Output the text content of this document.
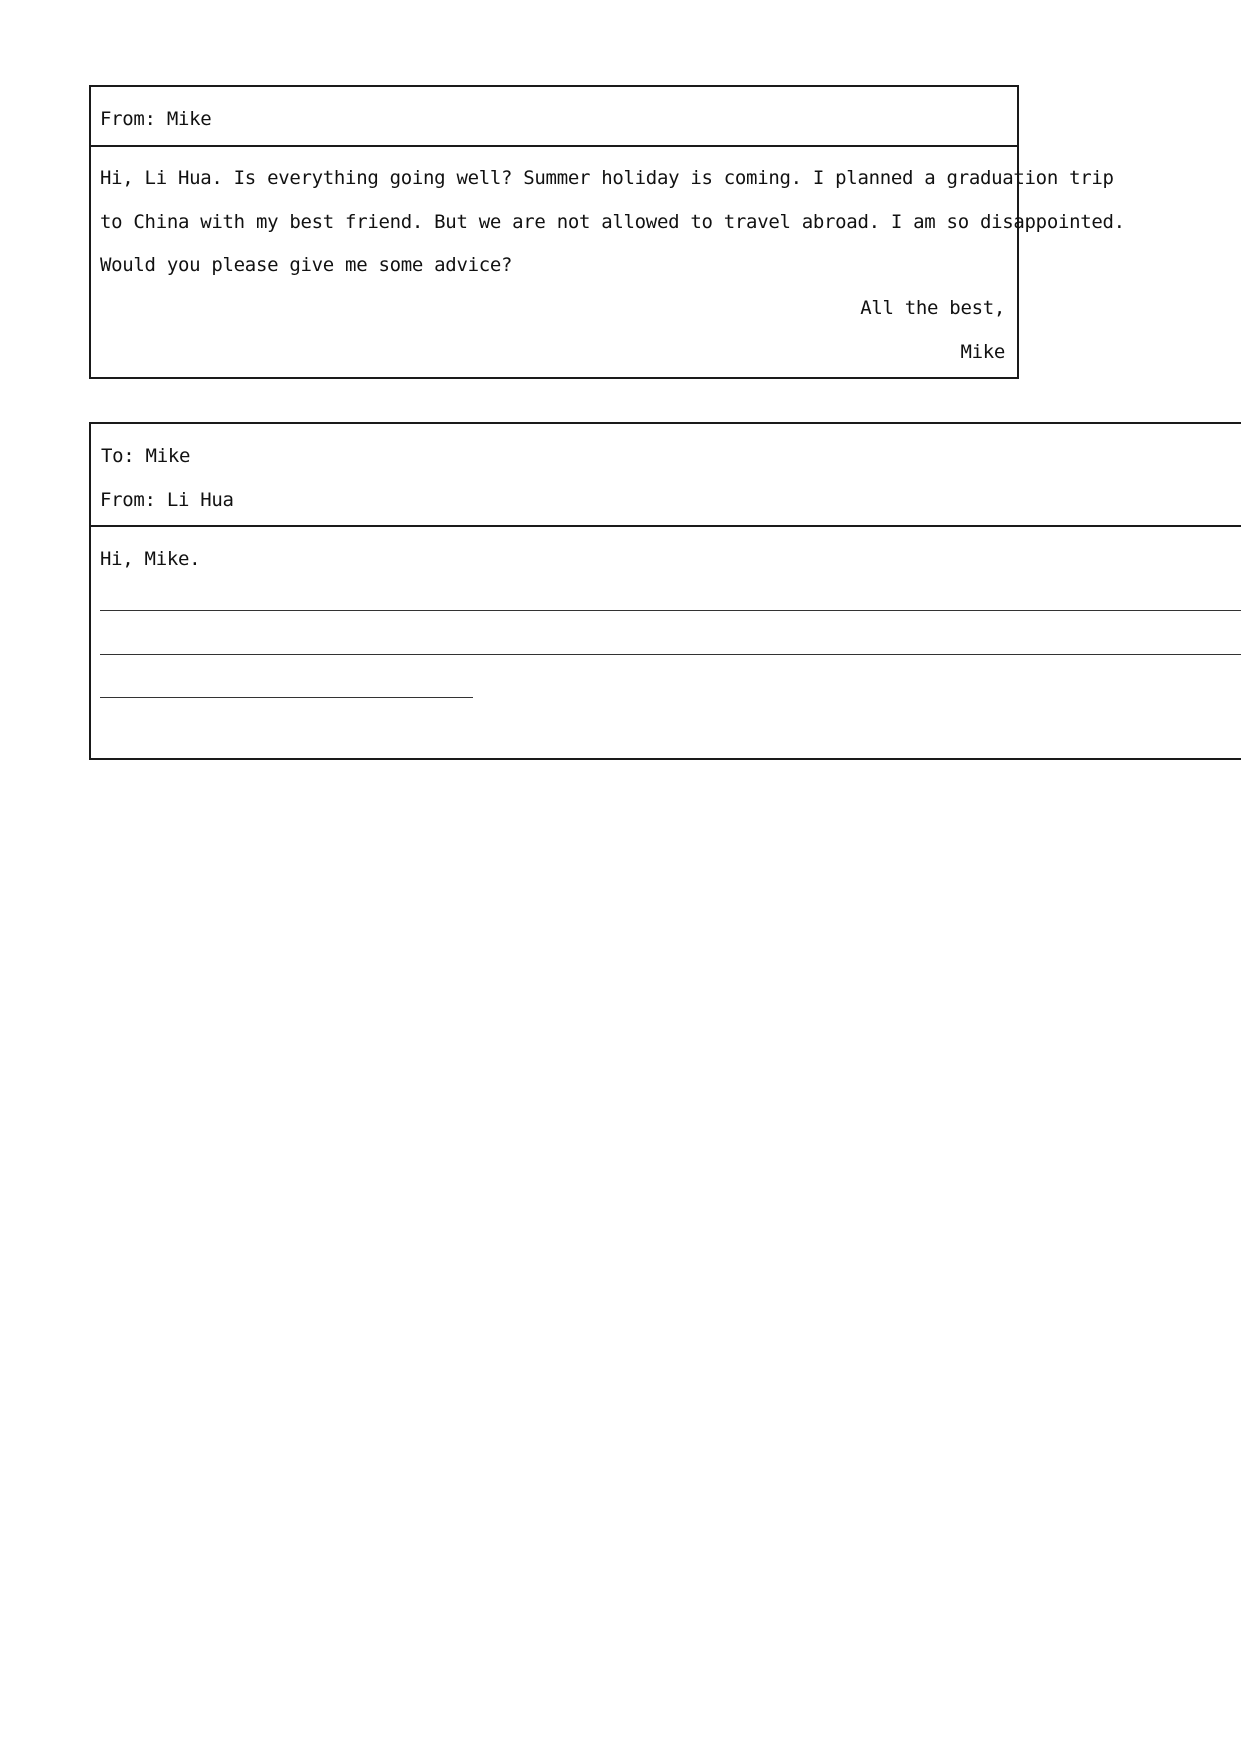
From: Mike
Hi, Li Hua. Is everything going well? Summer holiday is coming. I planned a graduation trip
to China with my best friend. But we are not allowed to travel abroad. I am so disappointed.
Would you please give me some advice?
All the best,
Mike
To: Mike
From: Li Hua
Hi, Mike.
